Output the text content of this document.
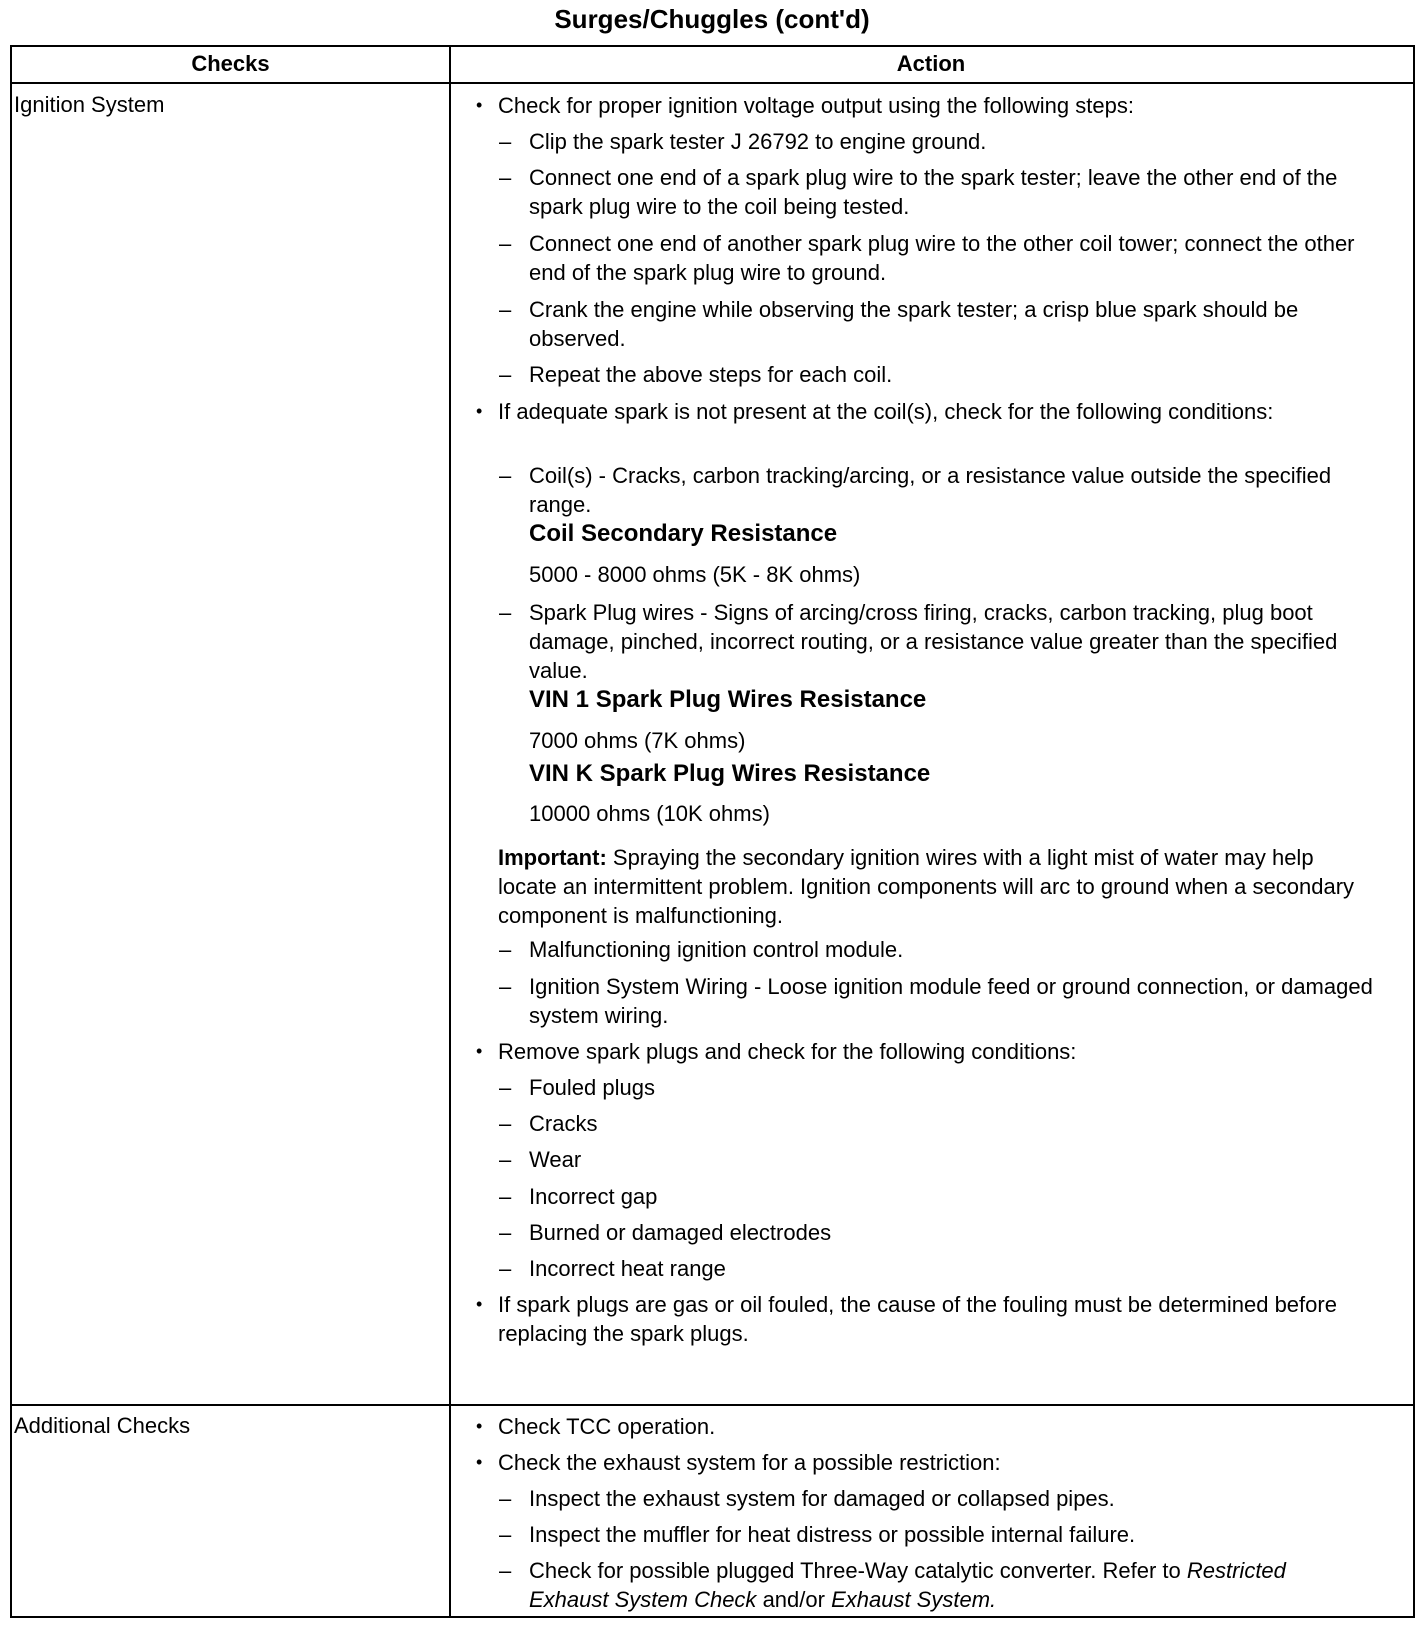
Surges/Chuggles (cont'd)
Checks	Action
Ignition System
Additional Checks
• Check for proper ignition voltage output using the following steps:
– Clip the spark tester J 26792 to engine ground.
– Connect one end of a spark plug wire to the spark tester; leave the other end of the spark plug wire to the coil being tested.
– Connect one end of another spark plug wire to the other coil tower; connect the other end of the spark plug wire to ground.
– Crank the engine while observing the spark tester; a crisp blue spark should be observed.
– Repeat the above steps for each coil.
• If adequate spark is not present at the coil(s), check for the following conditions:
– Coil(s) - Cracks, carbon tracking/arcing, or a resistance value outside the specified range.
Coil Secondary Resistance
5000 - 8000 ohms (5K - 8K ohms)
– Spark Plug wires - Signs of arcing/cross firing, cracks, carbon tracking, plug boot damage, pinched, incorrect routing, or a resistance value greater than the specified value.
VIN 1 Spark Plug Wires Resistance
7000 ohms (7K ohms)
VIN K Spark Plug Wires Resistance
10000 ohms (10K ohms)
Important: Spraying the secondary ignition wires with a light mist of water may help locate an intermittent problem. Ignition components will arc to ground when a secondary component is malfunctioning.
– Malfunctioning ignition control module.
– Ignition System Wiring - Loose ignition module feed or ground connection, or damaged system wiring.
• Remove spark plugs and check for the following conditions:
– Fouled plugs
– Cracks
– Wear
– Incorrect gap
– Burned or damaged electrodes
– Incorrect heat range
• If spark plugs are gas or oil fouled, the cause of the fouling must be determined before replacing the spark plugs.
• Check TCC operation.
• Check the exhaust system for a possible restriction:
– Inspect the exhaust system for damaged or collapsed pipes.
– Inspect the muffler for heat distress or possible internal failure.
– Check for possible plugged Three-Way catalytic converter. Refer to Restricted Exhaust System Check and/or Exhaust System.
